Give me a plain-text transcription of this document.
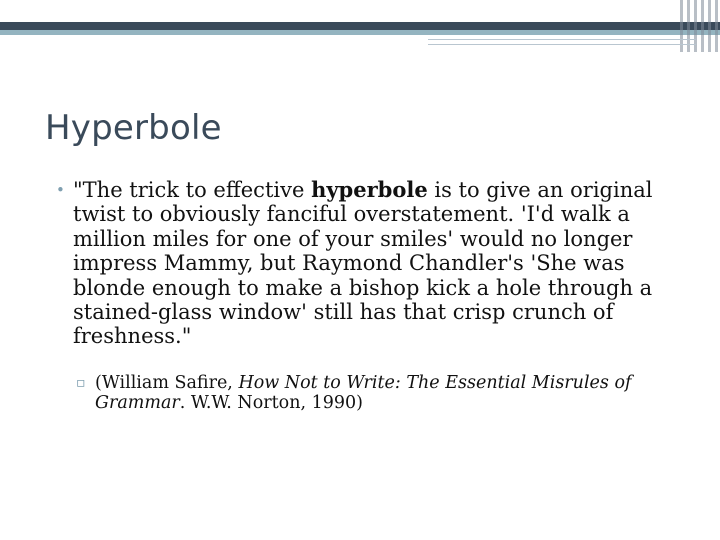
Hyperbole
• "The trick to effective hyperbole is to give an original twist to obviously fanciful overstatement. 'I'd walk a million miles for one of your smiles' would no longer impress Mammy, but Raymond Chandler's 'She was blonde enough to make a bishop kick a hole through a stained-glass window' still has that crisp crunch of freshness."
▫ (William Safire, How Not to Write: The Essential Misrules of Grammar. W.W. Norton, 1990)
